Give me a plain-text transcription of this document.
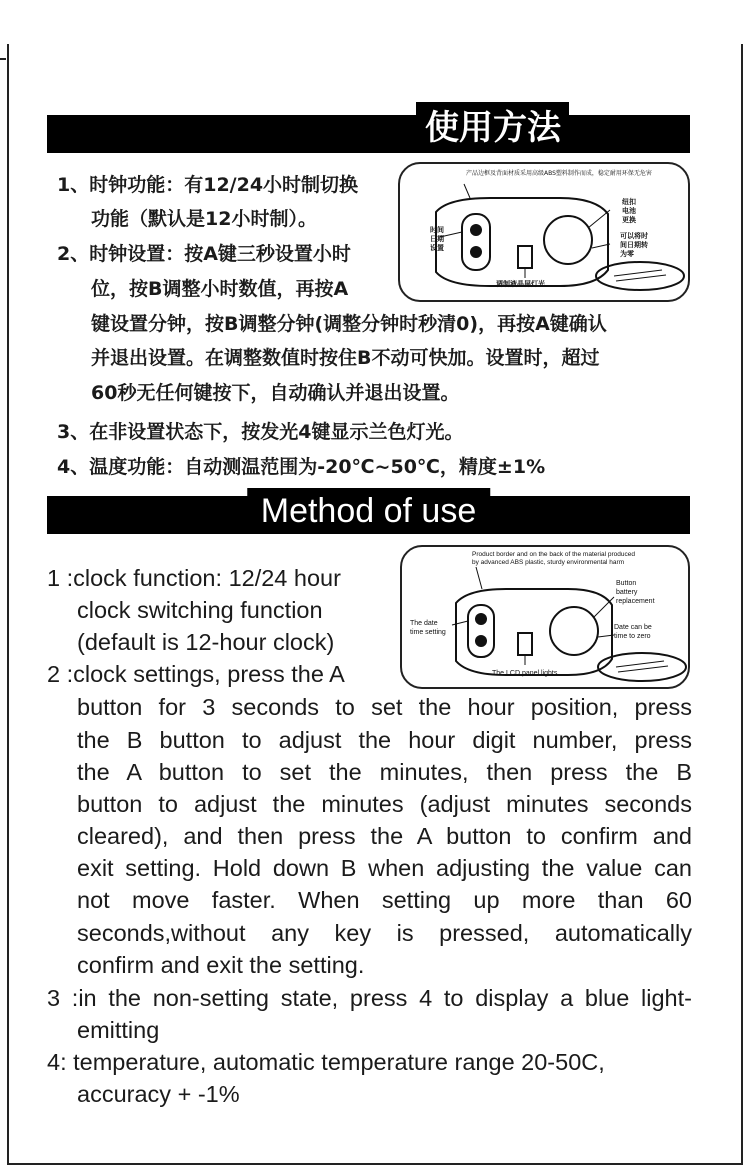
使用方法
1、时钟功能：有12/24小时制切换
功能（默认是12小时制）。
2、时钟设置：按A键三秒设置小时
位，按B调整小时数值，再按A
键设置分钟，按B调整分钟(调整分钟时秒清0)，再按A键确认
并退出设置。在调整数值时按住B不动可快加。设置时，超过
60秒无任何键按下，自动确认并退出设置。
3、在非设置状态下，按发光4键显示兰色灯光。
4、温度功能：自动测温范围为-20℃~50℃，精度±1%
产品边框及背面材质采用高级ABS塑料制作而成，稳定耐用环保无危害
时间
日期
设置
纽扣
电池
更换
可以将时
间日期转
为零
调制液晶屏灯光
Method of use
1 :clock function: 12/24 hour
clock switching function
(default is 12-hour clock)
2 :clock settings, press the A
button for 3 seconds to set the hour position, press
the B button to adjust the hour digit number, press
the A button to set the minutes, then press the B
button to adjust the minutes (adjust minutes seconds
cleared), and then press the A button to confirm and
exit setting. Hold down B when adjusting the value can
not move faster. When setting up more than 60
seconds,without any key is pressed, automatically
confirm and exit the setting.
3 :in the non-setting state, press 4 to display a blue light-
emitting
4: temperature, automatic temperature range 20-50C,
accuracy + -1%
Product border and on the back of the material produced
by advanced ABS plastic, sturdy environmental harm
The date
time setting
Button
battery
replacement
Date can be
time to zero
The LCD panel lights
